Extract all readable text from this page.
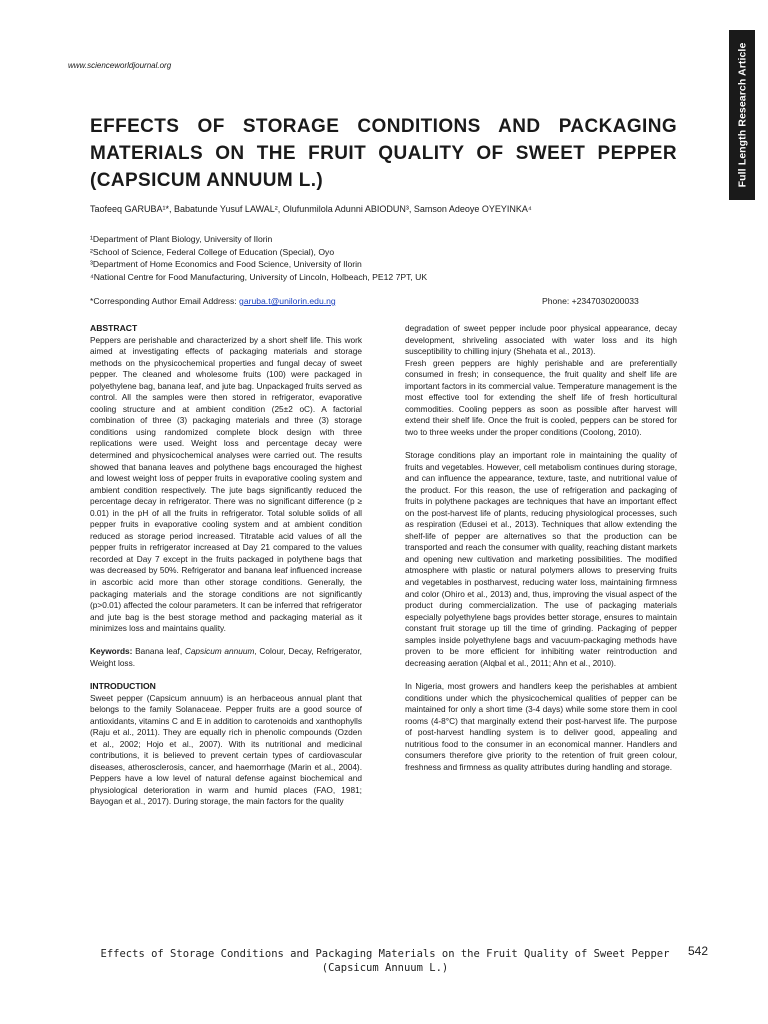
www.scienceworldjournal.org	Full Length Research Article
EFFECTS OF STORAGE CONDITIONS AND PACKAGING
MATERIALS ON THE FRUIT QUALITY OF SWEET PEPPER
(CAPSICUM ANNUUM L.)
Taofeeq GARUBA¹*, Babatunde Yusuf LAWAL², Olufunmilola Adunni ABIODUN³, Samson Adeoye OYEYINKA⁴
¹Department of Plant Biology, University of Ilorin
²School of Science, Federal College of Education (Special), Oyo
³Department of Home Economics and Food Science, University of Ilorin
⁴National Centre for Food Manufacturing, University of Lincoln, Holbeach, PE12 7PT, UK
*Corresponding Author Email Address: garuba.t@unilorin.edu.ng	Phone: +2347030200033
ABSTRACT

Peppers are perishable and characterized by a short shelf life. This work aimed at investigating effects of packaging materials and storage methods on the physicochemical properties and fungal decay of sweet pepper. The cleaned and wholesome fruits (100) were packaged in polyethylene bag, banana leaf, and jute bag. Unpackaged fruits served as control. All the samples were then stored in refrigerator, evaporative cooling structure and at ambient condition (25±2 oC). A factorial combination of three (3) packaging materials and three (3) storage conditions using randomized complete block design with three replications were used. Weight loss and percentage decay were determined and physicochemical analyses were carried out. The results showed that banana leaves and polythene bags encouraged the highest and lowest weight loss of pepper fruits in evaporative cooling system and ambient condition respectively. The jute bags significantly reduced the percentage decay in refrigerator. There was no significant difference (p ≥ 0.01) in the pH of all the fruits in refrigerator. Total soluble solids of all pepper fruits in evaporative cooling system and at ambient condition reduced as storage period increased. Titratable acid values of all the pepper fruits in refrigerator increased at Day 21 compared to the values recorded at Day 7 except in the fruits packaged in polythene bags that was decreased by 50%. Refrigerator and banana leaf influenced increase in ascorbic acid more than other storage conditions. Generally, the packaging materials and the storage conditions are not significantly (p>0.01) affected the colour parameters. It can be inferred that refrigerator and jute bag is the best storage method and packaging material as it minimizes loss and maintains quality.

Keywords: Banana leaf, Capsicum annuum, Colour, Decay, Refrigerator, Weight loss.

INTRODUCTION

Sweet pepper (Capsicum annuum) is an herbaceous annual plant that belongs to the family Solanaceae. Pepper fruits are a good source of antioxidants, vitamins C and E in addition to carotenoids and xanthophylls (Raju et al., 2011). They are equally rich in phenolic compounds (Ozden et al., 2002; Hojo et al., 2007). With its nutritional and medicinal contributions, it is believed to prevent certain types of cardiovascular diseases, atherosclerosis, cancer, and haemorrhage (Marin et al., 2004). Peppers have a low level of natural defense against biochemical and physiological deterioration in warm and humid places (FAO, 1981; Bayogan et al., 2017). During storage, the main factors for the quality

degradation of sweet pepper include poor physical appearance, decay development, shriveling associated with water loss and its high susceptibility to chilling injury (Shehata et al., 2013).

Fresh green peppers are highly perishable and are preferentially consumed in fresh; in consequence, the fruit quality and shelf life are important factors in its commercial value. Temperature management is the most effective tool for extending the shelf life of fresh horticultural commodities. Cooling peppers as soon as possible after harvest will extend their shelf life. Once the fruit is cooled, peppers can be stored for two to three weeks under the proper conditions (Coolong, 2010).

Storage conditions play an important role in maintaining the quality of fruits and vegetables. However, cell metabolism continues during storage, and can influence the appearance, texture, taste, and nutritional value of the product. For this reason, the use of refrigeration and packaging of fruits in polythene packages are techniques that have an important effect on the post-harvest life of plants, reducing physiological processes, such as respiration (Edusei et al., 2013). Techniques that allow extending the shelf-life of pepper are alternatives so that the production can be transported and reach the consumer with quality, reaching distant markets and opening new cultivation and marketing possibilities. The modified atmosphere with plastic or natural polymers allows to preserving fruits and vegetables in postharvest, reducing water loss, maintaining firmness and color (Ohiro et al., 2013) and, thus, improving the visual aspect of the product during commercialization. The use of packaging materials especially polyethylene bags provides better storage, ensures to maintain constant fruit storage up till the time of grinding. Packaging of pepper samples inside polyethylene bags and vacuum-packaging methods have proven to be more efficient for inhibiting water reintroduction and decreasing aeration (Alqbal et al., 2011; Ahn et al., 2010).

In Nigeria, most growers and handlers keep the perishables at ambient conditions under which the physicochemical qualities of pepper can be maintained for only a short time (3-4 days) while some store them in cool rooms (4-8°C) that marginally extend their post-harvest life. The purpose of post-harvest handling system is to deliver good, appealing and nutritious food to the consumer in an economical manner. Handlers and consumers therefore give priority to the retention of fruit green colour, freshness and firmness as quality attributes during handling and storage.

Effects of Storage Conditions and Packaging Materials on the Fruit Quality of Sweet Pepper (Capsicum Annuum L.)
542
